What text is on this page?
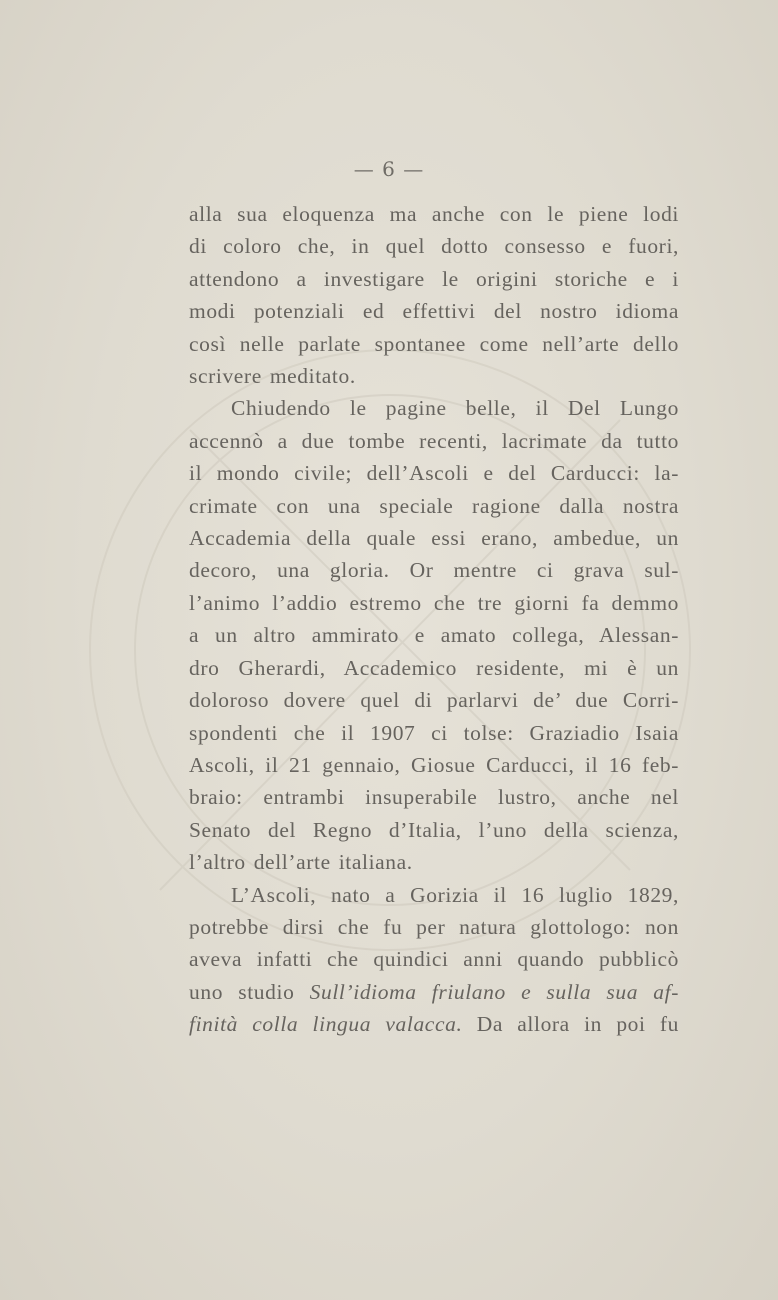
— 6 —
alla sua eloquenza ma anche con le piene lodi
di coloro che, in quel dotto consesso e fuori,
attendono a investigare le origini storiche e i
modi potenziali ed effettivi del nostro idioma
così nelle parlate spontanee come nell’arte dello
scrivere meditato.
Chiudendo le pagine belle, il Del Lungo
accennò a due tombe recenti, lacrimate da tutto
il mondo civile; dell’Ascoli e del Carducci: la-
crimate con una speciale ragione dalla nostra
Accademia della quale essi erano, ambedue, un
decoro, una gloria. Or mentre ci grava sul-
l’animo l’addio estremo che tre giorni fa demmo
a un altro ammirato e amato collega, Alessan-
dro Gherardi, Accademico residente, mi è un
doloroso dovere quel di parlarvi de’ due Corri-
spondenti che il 1907 ci tolse: Graziadio Isaia
Ascoli, il 21 gennaio, Giosue Carducci, il 16 feb-
braio: entrambi insuperabile lustro, anche nel
Senato del Regno d’Italia, l’uno della scienza,
l’altro dell’arte italiana.
L’Ascoli, nato a Gorizia il 16 luglio 1829,
potrebbe dirsi che fu per natura glottologo: non
aveva infatti che quindici anni quando pubblicò
uno studio Sull’idioma friulano e sulla sua af-
finità colla lingua valacca. Da allora in poi fu
